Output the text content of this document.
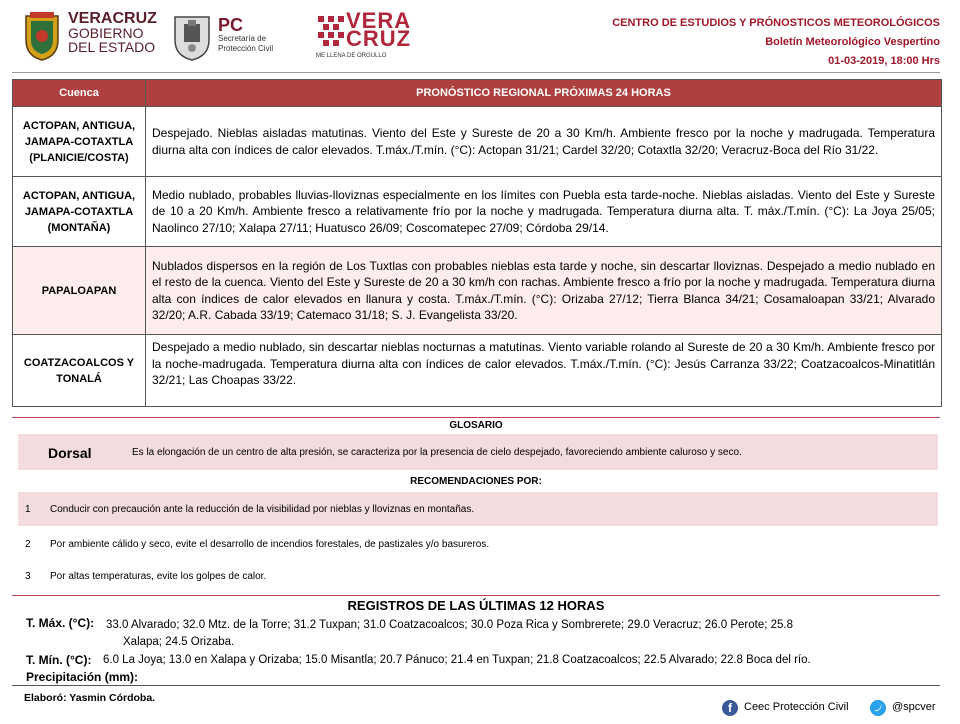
VERACRUZ
GOBIERNO
DEL ESTADO
PC
Secretaría de
Protección Civil
VERA
CRUZ
ME LLENA DE ORGULLO
CENTRO DE ESTUDIOS Y PRÓNOSTICOS METEOROLÓGICOS
Boletín Meteorológico Vespertino
01-03-2019, 18:00 Hrs
Cuenca	PRONÓSTICO REGIONAL PRÓXIMAS 24 HORAS
ACTOPAN, ANTIGUA, JAMAPA-COTAXTLA (PLANICIE/COSTA)	Despejado. Nieblas aisladas matutinas. Viento del Este y Sureste de 20 a 30 Km/h. Ambiente fresco por la noche y madrugada. Temperatura diurna alta con índices de calor elevados. T.máx./T.mín. (°C): Actopan 31/21; Cardel 32/20; Cotaxtla 32/20; Veracruz-Boca del Río 31/22.
ACTOPAN, ANTIGUA, JAMAPA-COTAXTLA (MONTAÑA)	Medio nublado, probables lluvias-lloviznas especialmente en los límites con Puebla esta tarde-noche. Nieblas aisladas. Viento del Este y Sureste de 10 a 20 Km/h. Ambiente fresco a relativamente frío por la noche y madrugada. Temperatura diurna alta. T. máx./T.mín. (°C): La Joya 25/05; Naolinco 27/10; Xalapa 27/11; Huatusco 26/09; Coscomatepec 27/09; Córdoba 29/14.
PAPALOAPAN	Nublados dispersos en la región de Los Tuxtlas con probables nieblas esta tarde y noche, sin descartar lloviznas. Despejado a medio nublado en el resto de la cuenca. Viento del Este y Sureste de 20 a 30 km/h con rachas. Ambiente fresco a frío por la noche y madrugada. Temperatura diurna alta con índices de calor elevados en llanura y costa. T.máx./T.mín. (°C): Orizaba 27/12; Tierra Blanca 34/21; Cosamaloapan 33/21; Alvarado 32/20; A.R. Cabada 33/19; Catemaco 31/18; S. J. Evangelista 33/20.
COATZACOALCOS Y TONALÁ	Despejado a medio nublado, sin descartar nieblas nocturnas a matutinas. Viento variable rolando al Sureste de 20 a 30 Km/h. Ambiente fresco por la noche-madrugada. Temperatura diurna alta con índices de calor elevados. T.máx./T.mín. (°C): Jesús Carranza 33/22; Coatzacoalcos-Minatitlán 32/21; Las Choapas 33/22.
GLOSARIO
Dorsal	Es la elongación de un centro de alta presión, se caracteriza por la presencia de cielo despejado, favoreciendo ambiente caluroso y seco.
RECOMENDACIONES POR:
1 Conducir con precaución ante la reducción de la visibilidad por nieblas y lloviznas en montañas.
2 Por ambiente cálido y seco, evite el desarrollo de incendios forestales, de pastizales y/o basureros.
3 Por altas temperaturas, evite los golpes de calor.
REGISTROS DE LAS ÚLTIMAS 12 HORAS
T. Máx. (°C): 33.0 Alvarado; 32.0 Mtz. de la Torre; 31.2 Tuxpan; 31.0 Coatzacoalcos; 30.0 Poza Rica y Sombrerete; 29.0 Veracruz; 26.0 Perote; 25.8
Xalapa; 24.5 Orizaba.
T. Mín. (°C): 6.0 La Joya; 13.0 en Xalapa y Orizaba; 15.0 Misantla; 20.7 Pánuco; 21.4 en Tuxpan; 21.8 Coatzacoalcos; 22.5 Alvarado; 22.8 Boca del río.
Precipitación (mm):
Elaboró: Yasmin Córdoba.
f	Ceec Protección Civil	@spcver
